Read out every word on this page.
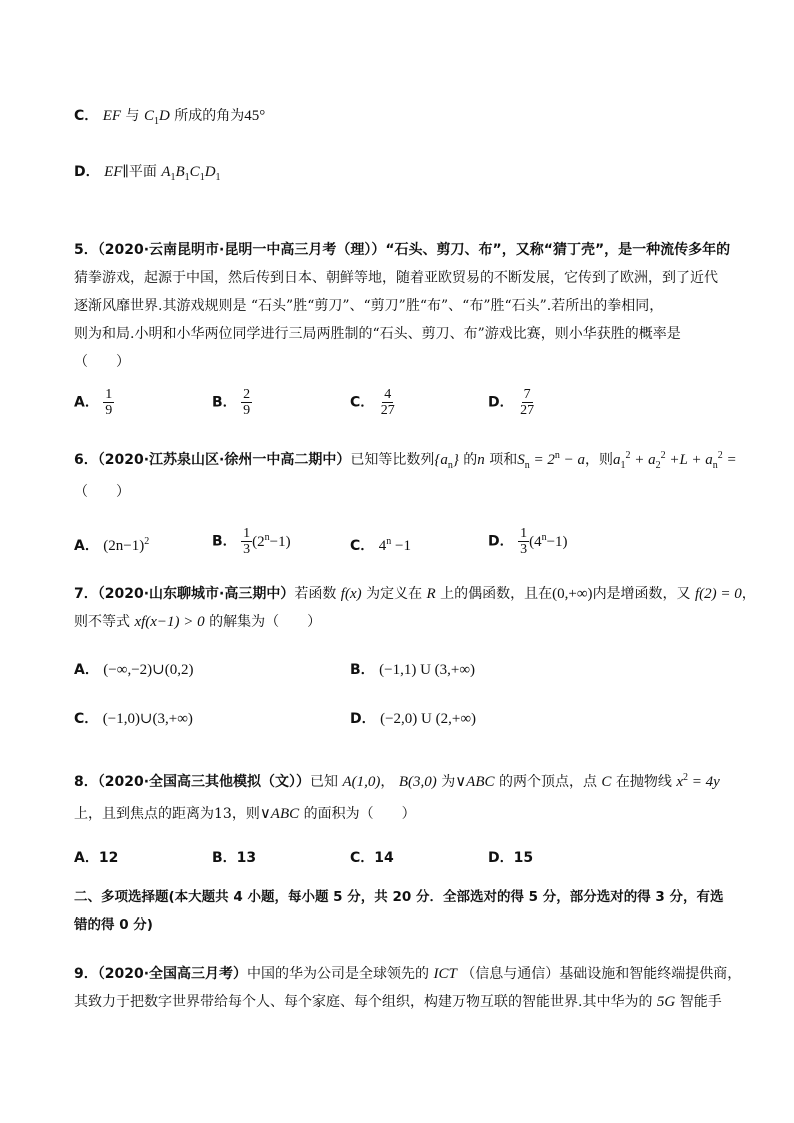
C． EF 与 $C_1D$ 所成的角为45°
D． EF∥平面 $A_1B_1C_1D_1$
5．（2020·云南昆明市·昆明一中高三月考（理））“石头、剪刀、布”，又称“猜丁壳”，是一种流传多年的
猜拳游戏，起源于中国，然后传到日本、朝鲜等地，随着亚欧贸易的不断发展，它传到了欧洲，到了近代
逐渐风靡世界.其游戏规则是 “石头”胜“剪刀”、“剪刀”胜“布”、“布”胜“石头”.若所出的拳相同，
则为和局.小明和小华两位同学进行三局两胜制的“石头、剪刀、布”游戏比赛，则小华获胜的概率是
（　　）
A． $\frac{1}{9}$	B． $\frac{2}{9}$	C． $\frac{4}{27}$	D． $\frac{7}{27}$
6．（2020·江苏泉山区·徐州一中高二期中）已知等比数列$\{a_n\}$ 的n 项和$S_n = 2^n - a$，则$a_1^2 + a_2^2 +L + a_n^2$ =
（　　）
A． $(2n-1)^2$	B． $\frac{1}{3} (2^n-1)$	C． $4^n -1$	D． $\frac{1}{3} (4^n-1)$
7．（2020·山东聊城市·高三期中）若函数 f(x) 为定义在 R 上的偶函数，且在(0,+∞)内是增函数，又 f(2) = 0，
则不等式 xf(x−1) > 0 的解集为（　　）
A． (−∞,−2)∪(0,2)	B． (−1,1) U (3,+∞)
C． (−1,0)∪(3,+∞)	D． (−2,0) U (2,+∞)
8．（2020·全国高三其他模拟（文））已知 A(1,0)， B(3,0) 为∨ABC 的两个顶点，点 C 在抛物线 $x^2 = 4y$
上，且到焦点的距离为13，则∨ABC 的面积为（　　）
A．12	B．13	C．14	D．15
二、多项选择题(本大题共 4 小题，每小题 5 分，共 20 分．全部选对的得 5 分，部分选对的得 3 分，有选
错的得 0 分)
9．（2020·全国高三月考）中国的华为公司是全球领先的 ICT （信息与通信）基础设施和智能终端提供商，
其致力于把数字世界带给每个人、每个家庭、每个组织，构建万物互联的智能世界.其中华为的 5G 智能手
